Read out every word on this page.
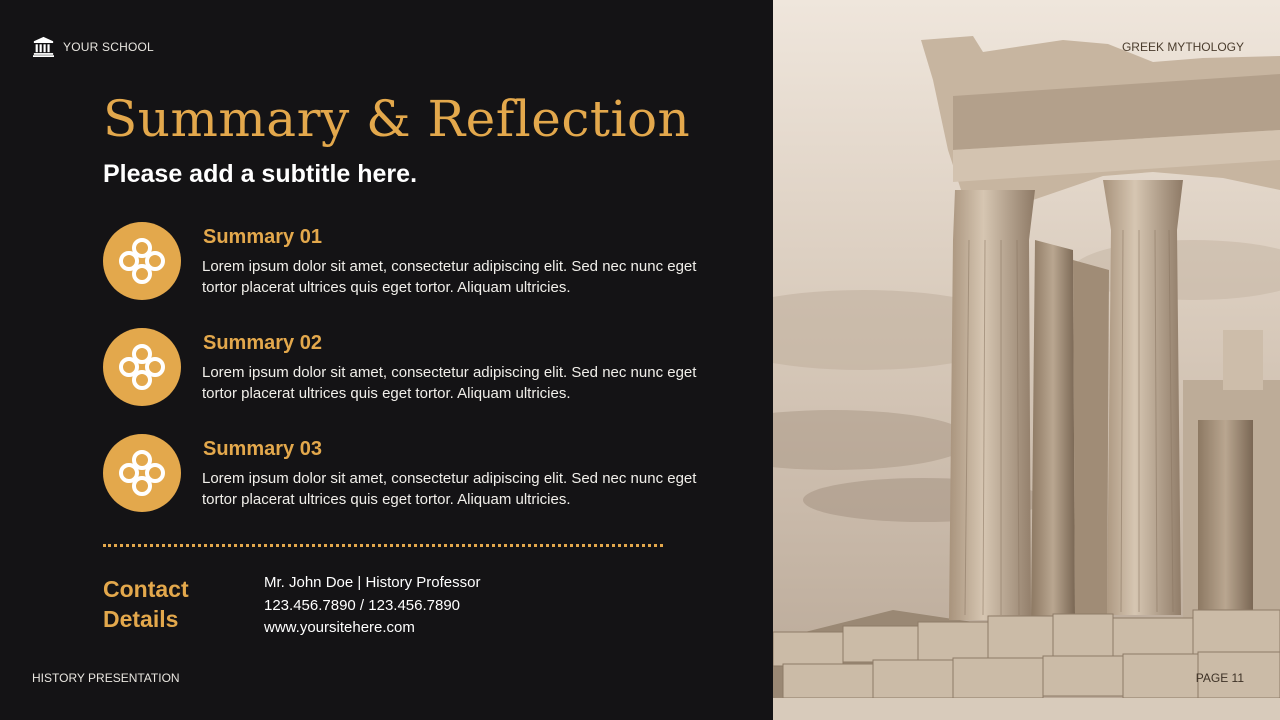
YOUR SCHOOL	GREEK MYTHOLOGY
Summary & Reflection
Please add a subtitle here.
Summary 01
Lorem ipsum dolor sit amet, consectetur adipiscing elit. Sed nec nunc eget tortor placerat ultrices quis eget tortor. Aliquam ultricies.
Summary 02
Lorem ipsum dolor sit amet, consectetur adipiscing elit. Sed nec nunc eget tortor placerat ultrices quis eget tortor. Aliquam ultricies.
Summary 03
Lorem ipsum dolor sit amet, consectetur adipiscing elit. Sed nec nunc eget tortor placerat ultrices quis eget tortor. Aliquam ultricies.
Contact Details
Mr. John Doe | History Professor
123.456.7890 / 123.456.7890
www.yoursitehere.com
HISTORY PRESENTATION	PAGE 11
